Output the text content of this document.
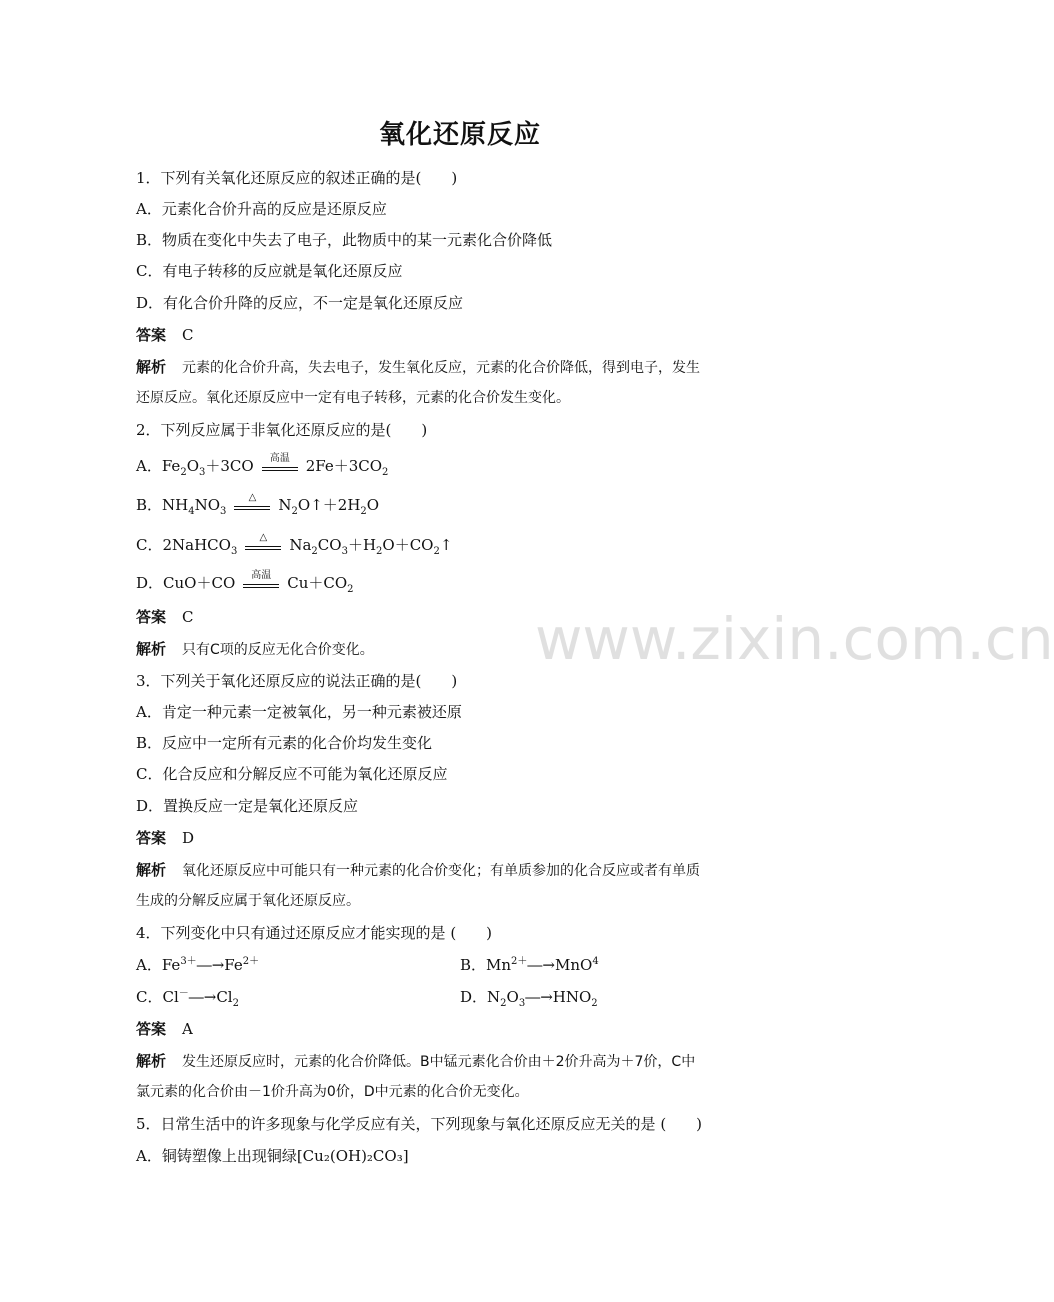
氧化还原反应
www.zixin.com.cn
1．下列有关氧化还原反应的叙述正确的是(　　)
A．元素化合价升高的反应是还原反应
B．物质在变化中失去了电子，此物质中的某一元素化合价降低
C．有电子转移的反应就是氧化还原反应
D．有化合价升降的反应，不一定是氧化还原反应
答案 C
解析 元素的化合价升高，失去电子，发生氧化反应，元素的化合价降低，得到电子，发生
还原反应。氧化还原反应中一定有电子转移，元素的化合价发生变化。
2．下列反应属于非氧化还原反应的是(　　)
A．$Fe_2O_3+3CO$	高温	$2Fe+3CO_2$
B．$NH_4NO_3$
△	$N_2O↑+2H_2O$
C．2NaHCO$_3$
△	$Na_2CO_3+H_2O+CO_2↑$
D．CuO＋CO	高温	$Cu+CO_2$
答案 C
解析 只有C项的反应无化合价变化。
3．下列关于氧化还原反应的说法正确的是(　　)
A．肯定一种元素一定被氧化，另一种元素被还原
B．反应中一定所有元素的化合价均发生变化
C．化合反应和分解反应不可能为氧化还原反应
D．置换反应一定是氧化还原反应
答案 D
解析 氧化还原反应中可能只有一种元素的化合价变化；有单质参加的化合反应或者有单质
生成的分解反应属于氧化还原反应。
4．下列变化中只有通过还原反应才能实现的是 (　　)
A．$Fe^{3+}―\to Fe^{2+}$	B．$Mn^{2+}―\to MnO^4$
C．$Cl^-―\to Cl_2$	D．$N_2O_3―\to HNO_2$
答案 A
解析 发生还原反应时，元素的化合价降低。B中锰元素化合价由＋2价升高为＋7价，C中
氯元素的化合价由－1价升高为0价，D中元素的化合价无变化。
5．日常生活中的许多现象与化学反应有关，下列现象与氧化还原反应无关的是 (　　)
A．铜铸塑像上出现铜绿[Cu₂(OH)₂CO₃]
